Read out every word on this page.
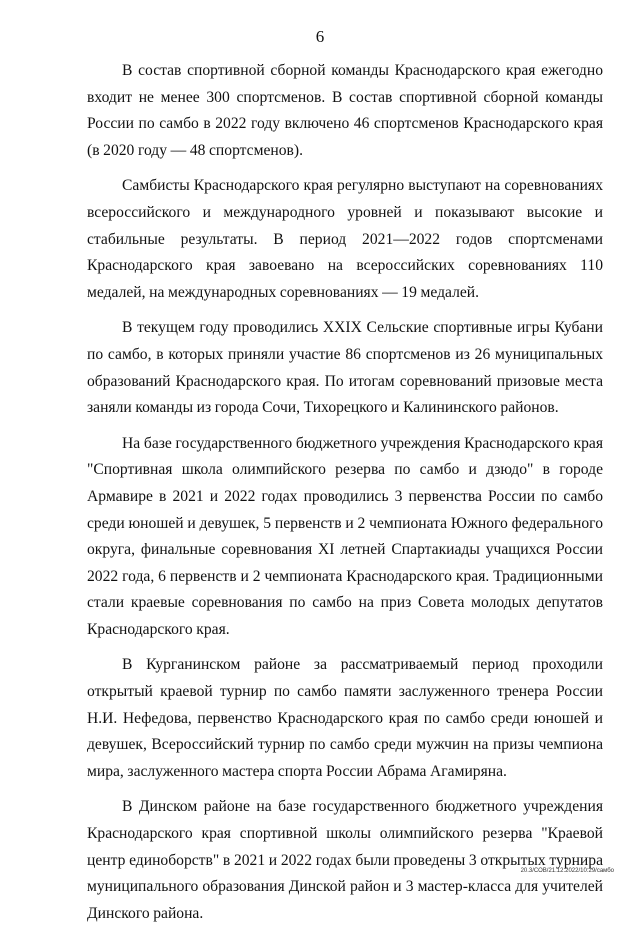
6

В состав спортивной сборной команды Краснодарского края ежегодно входит не менее 300 спортсменов. В состав спортивной сборной команды России по самбо в 2022 году включено 46 спортсменов Краснодарского края (в 2020 году — 48 спортсменов).

Самбисты Краснодарского края регулярно выступают на соревнованиях всероссийского и международного уровней и показывают высокие и стабильные результаты. В период 2021—2022 годов спортсменами Краснодарского края завоевано на всероссийских соревнованиях 110 медалей, на международных соревнованиях — 19 медалей.

В текущем году проводились XXIX Сельские спортивные игры Кубани по самбо, в которых приняли участие 86 спортсменов из 26 муниципальных образований Краснодарского края. По итогам соревнований призовые места заняли команды из города Сочи, Тихорецкого и Калининского районов.

На базе государственного бюджетного учреждения Краснодарского края "Спортивная школа олимпийского резерва по самбо и дзюдо" в городе Армавире в 2021 и 2022 годах проводились 3 первенства России по самбо среди юношей и девушек, 5 первенств и 2 чемпионата Южного федерального округа, финальные соревнования XI летней Спартакиады учащихся России 2022 года, 6 первенств и 2 чемпионата Краснодарского края. Традиционными стали краевые соревнования по самбо на приз Совета молодых депутатов Краснодарского края.

В Курганинском районе за рассматриваемый период проходили открытый краевой турнир по самбо памяти заслуженного тренера России Н.И. Нефедова, первенство Краснодарского края по самбо среди юношей и девушек, Всероссийский турнир по самбо среди мужчин на призы чемпиона мира, заслуженного мастера спорта России Абрама Агамиряна.

В Динском районе на базе государственного бюджетного учреждения Краснодарского края спортивной школы олимпийского резерва "Краевой центр единоборств" в 2021 и 2022 годах были проведены 3 открытых турнира муниципального образования Динской район и 3 мастер-класса для учителей Динского района.

20.3/СОВ/21.12.2022/10:29/самбо
